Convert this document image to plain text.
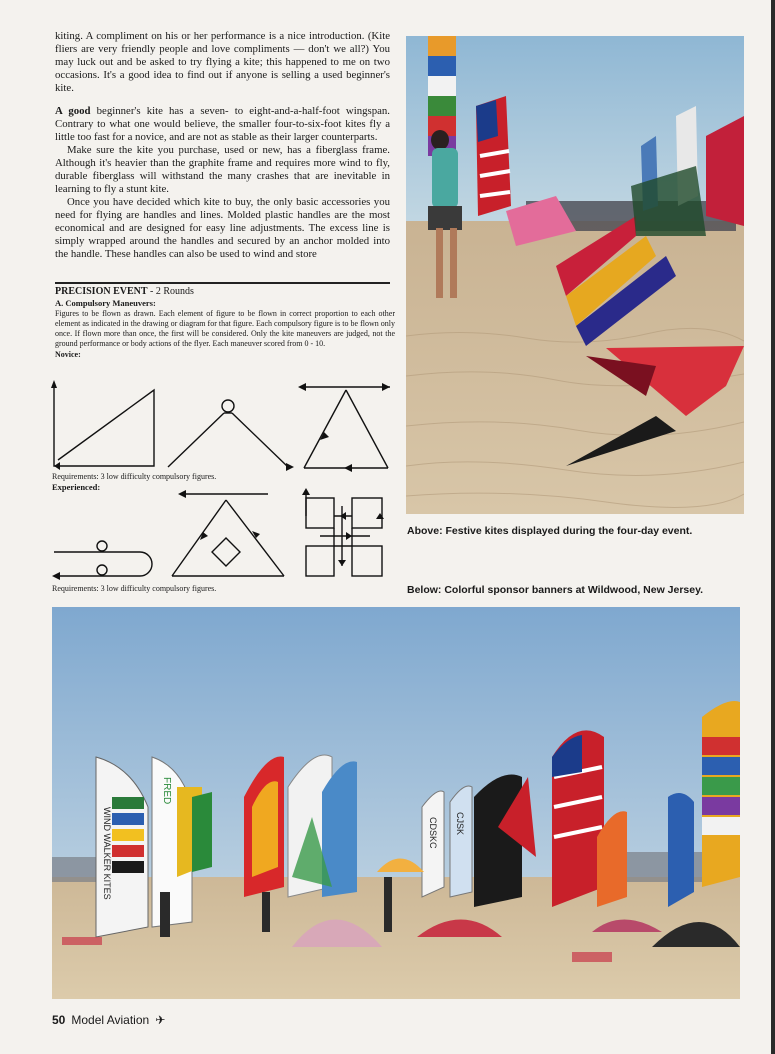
kiting. A compliment on his or her performance is a nice introduction. (Kite fliers are very friendly people and love compliments — don't we all?) You may luck out and be asked to try flying a kite; this happened to me on two occasions. It's a good idea to find out if anyone is selling a used beginner's kite.

A good beginner's kite has a seven- to eight-and-a-half-foot wingspan. Contrary to what one would believe, the smaller four-to-six-foot kites fly a little too fast for a novice, and are not as stable as their larger counterparts.

Make sure the kite you purchase, used or new, has a fiberglass frame. Although it's heavier than the graphite frame and requires more wind to fly, durable fiberglass will withstand the many crashes that are inevitable in learning to fly a stunt kite.

Once you have decided which kite to buy, the only basic accessories you need for flying are handles and lines. Molded plastic handles are the most economical and are designed for easy line adjustments. The excess line is simply wrapped around the handles and secured by an anchor molded into the handle. These handles can also be used to wind and store

PRECISION EVENT - 2 Rounds
A. Compulsory Maneuvers:
Figures to be flown as drawn. Each element of figure to be flown in correct proportion to each other element as indicated in the drawing or diagram for that figure. Each compulsory figure is to be flown only once. If flown more than once, the first will be considered. Only the kite maneuvers are judged, not the ground performance or body actions of the flyer. Each maneuver scored from 0 - 10.
Novice:
Requirements: 3 low difficulty compulsory figures.
Experienced:
Requirements: 3 low difficulty compulsory figures.
Above: Festive kites displayed during the four-day event.
Below: Colorful sponsor banners at Wildwood, New Jersey.
WIND WALKER KITES
FRED
CDSKC CJSK
50 Model Aviation ✈
